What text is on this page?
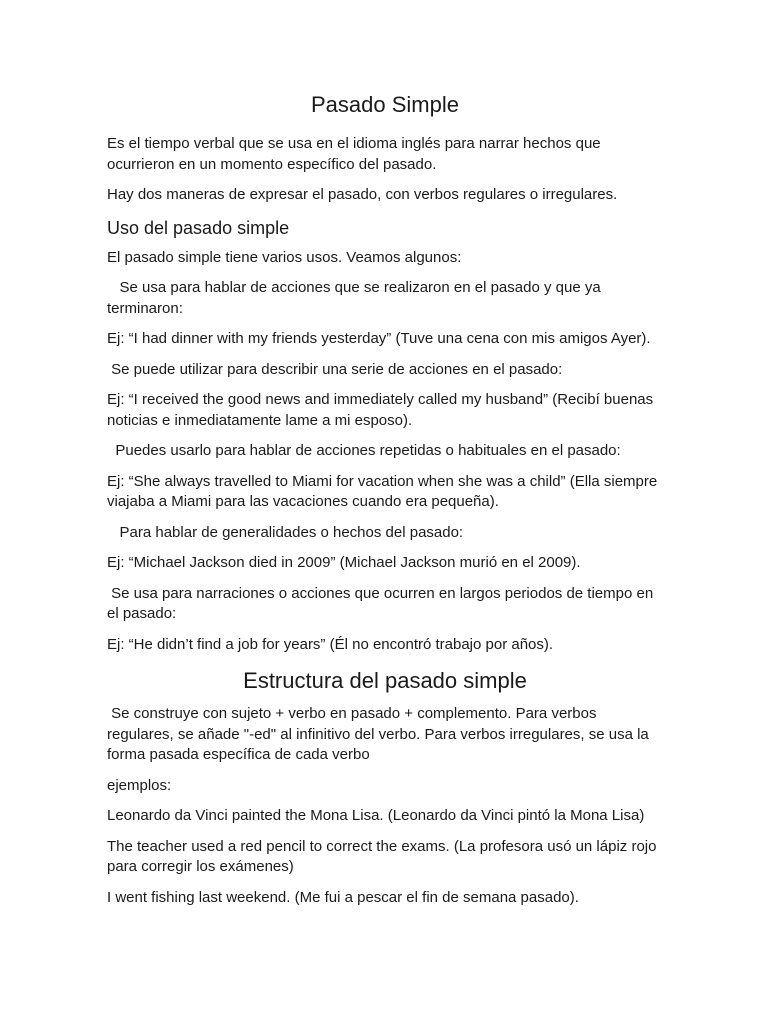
Pasado Simple

Es el tiempo verbal que se usa en el idioma inglés para narrar hechos que ocurrieron en un momento específico del pasado.

Hay dos maneras de expresar el pasado, con verbos regulares o irregulares.

Uso del pasado simple

El pasado simple tiene varios usos. Veamos algunos:

Se usa para hablar de acciones que se realizaron en el pasado y que ya terminaron:

Ej: “I had dinner with my friends yesterday” (Tuve una cena con mis amigos Ayer).

Se puede utilizar para describir una serie de acciones en el pasado:

Ej: “I received the good news and immediately called my husband” (Recibí buenas noticias e inmediatamente lame a mi esposo).

Puedes usarlo para hablar de acciones repetidas o habituales en el pasado:

Ej: “She always travelled to Miami for vacation when she was a child” (Ella siempre viajaba a Miami para las vacaciones cuando era pequeña).

Para hablar de generalidades o hechos del pasado:

Ej: “Michael Jackson died in 2009” (Michael Jackson murió en el 2009).

Se usa para narraciones o acciones que ocurren en largos periodos de tiempo en el pasado:

Ej: “He didn’t find a job for years” (Él no encontró trabajo por años).

Estructura del pasado simple

Se construye con sujeto + verbo en pasado + complemento. Para verbos regulares, se añade "-ed" al infinitivo del verbo. Para verbos irregulares, se usa la forma pasada específica de cada verbo

ejemplos:

Leonardo da Vinci painted the Mona Lisa. (Leonardo da Vinci pintó la Mona Lisa)

The teacher used a red pencil to correct the exams. (La profesora usó un lápiz rojo para corregir los exámenes)

I went fishing last weekend. (Me fui a pescar el fin de semana pasado).
